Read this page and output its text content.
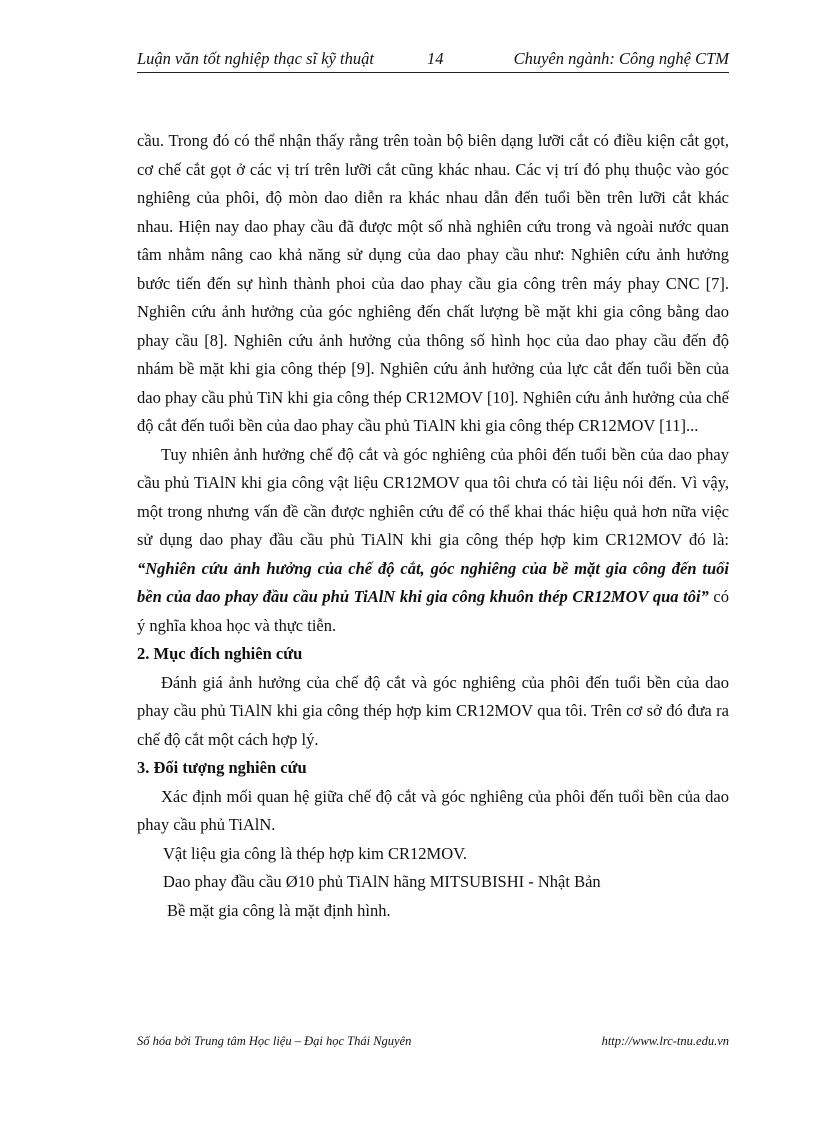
Luận văn tốt nghiệp thạc sĩ kỹ thuật	14	Chuyên ngành: Công nghệ CTM

cầu. Trong đó có thể nhận thấy rằng trên toàn bộ biên dạng lưỡi cắt có điều kiện cắt gọt, cơ chế cắt gọt ở các vị trí trên lưỡi cắt cũng khác nhau. Các vị trí đó phụ thuộc vào góc nghiêng của phôi, độ mòn dao diễn ra khác nhau dẫn đến tuổi bền trên lưỡi cắt khác nhau. Hiện nay dao phay cầu đã được một số nhà nghiên cứu trong và ngoài nước quan tâm nhằm nâng cao khả năng sử dụng của dao phay cầu như: Nghiên cứu ảnh hưởng bước tiến đến sự hình thành phoi của dao phay cầu gia công trên máy phay CNC [7]. Nghiên cứu ảnh hưởng của góc nghiêng đến chất lượng bề mặt khi gia công bằng dao phay cầu [8]. Nghiên cứu ảnh hưởng của thông số hình học của dao phay cầu đến độ nhám bề mặt khi gia công thép [9]. Nghiên cứu ảnh hưởng của lực cắt đến tuổi bền của dao phay cầu phủ TiN khi gia công thép CR12MOV [10]. Nghiên cứu ảnh hưởng của chế độ cắt đến tuổi bền của dao phay cầu phủ TiAlN khi gia công thép CR12MOV [11]...

Tuy nhiên ảnh hưởng chế độ cắt và góc nghiêng của phôi đến tuổi bền của dao phay cầu phủ TiAlN khi gia công vật liệu CR12MOV qua tôi chưa có tài liệu nói đến. Vì vậy, một trong nhưng vấn đề cần được nghiên cứu để có thể khai thác hiệu quả hơn nữa việc sử dụng dao phay đầu cầu phủ TiAlN khi gia công thép hợp kim CR12MOV đó là: “Nghiên cứu ảnh hưởng của chế độ cắt, góc nghiêng của bề mặt gia công đến tuổi bền của dao phay đầu cầu phủ TiAlN khi gia công khuôn thép CR12MOV qua tôi” có ý nghĩa khoa học và thực tiễn.

2. Mục đích nghiên cứu

Đánh giá ảnh hưởng của chế độ cắt và góc nghiêng của phôi đến tuổi bền của dao phay cầu phủ TiAlN khi gia công thép hợp kim CR12MOV qua tôi. Trên cơ sở đó đưa ra chế độ cắt một cách hợp lý.

3. Đối tượng nghiên cứu

Xác định mối quan hệ giữa chế độ cắt và góc nghiêng của phôi đến tuổi bền của dao phay cầu phủ TiAlN.

Vật liệu gia công là thép hợp kim CR12MOV.

Dao phay đầu cầu Ø10 phủ TiAlN hãng MITSUBISHI - Nhật Bản

Bề mặt gia công là mặt định hình.

Số hóa bởi Trung tâm Học liệu – Đại học Thái Nguyên	http://www.lrc-tnu.edu.vn
